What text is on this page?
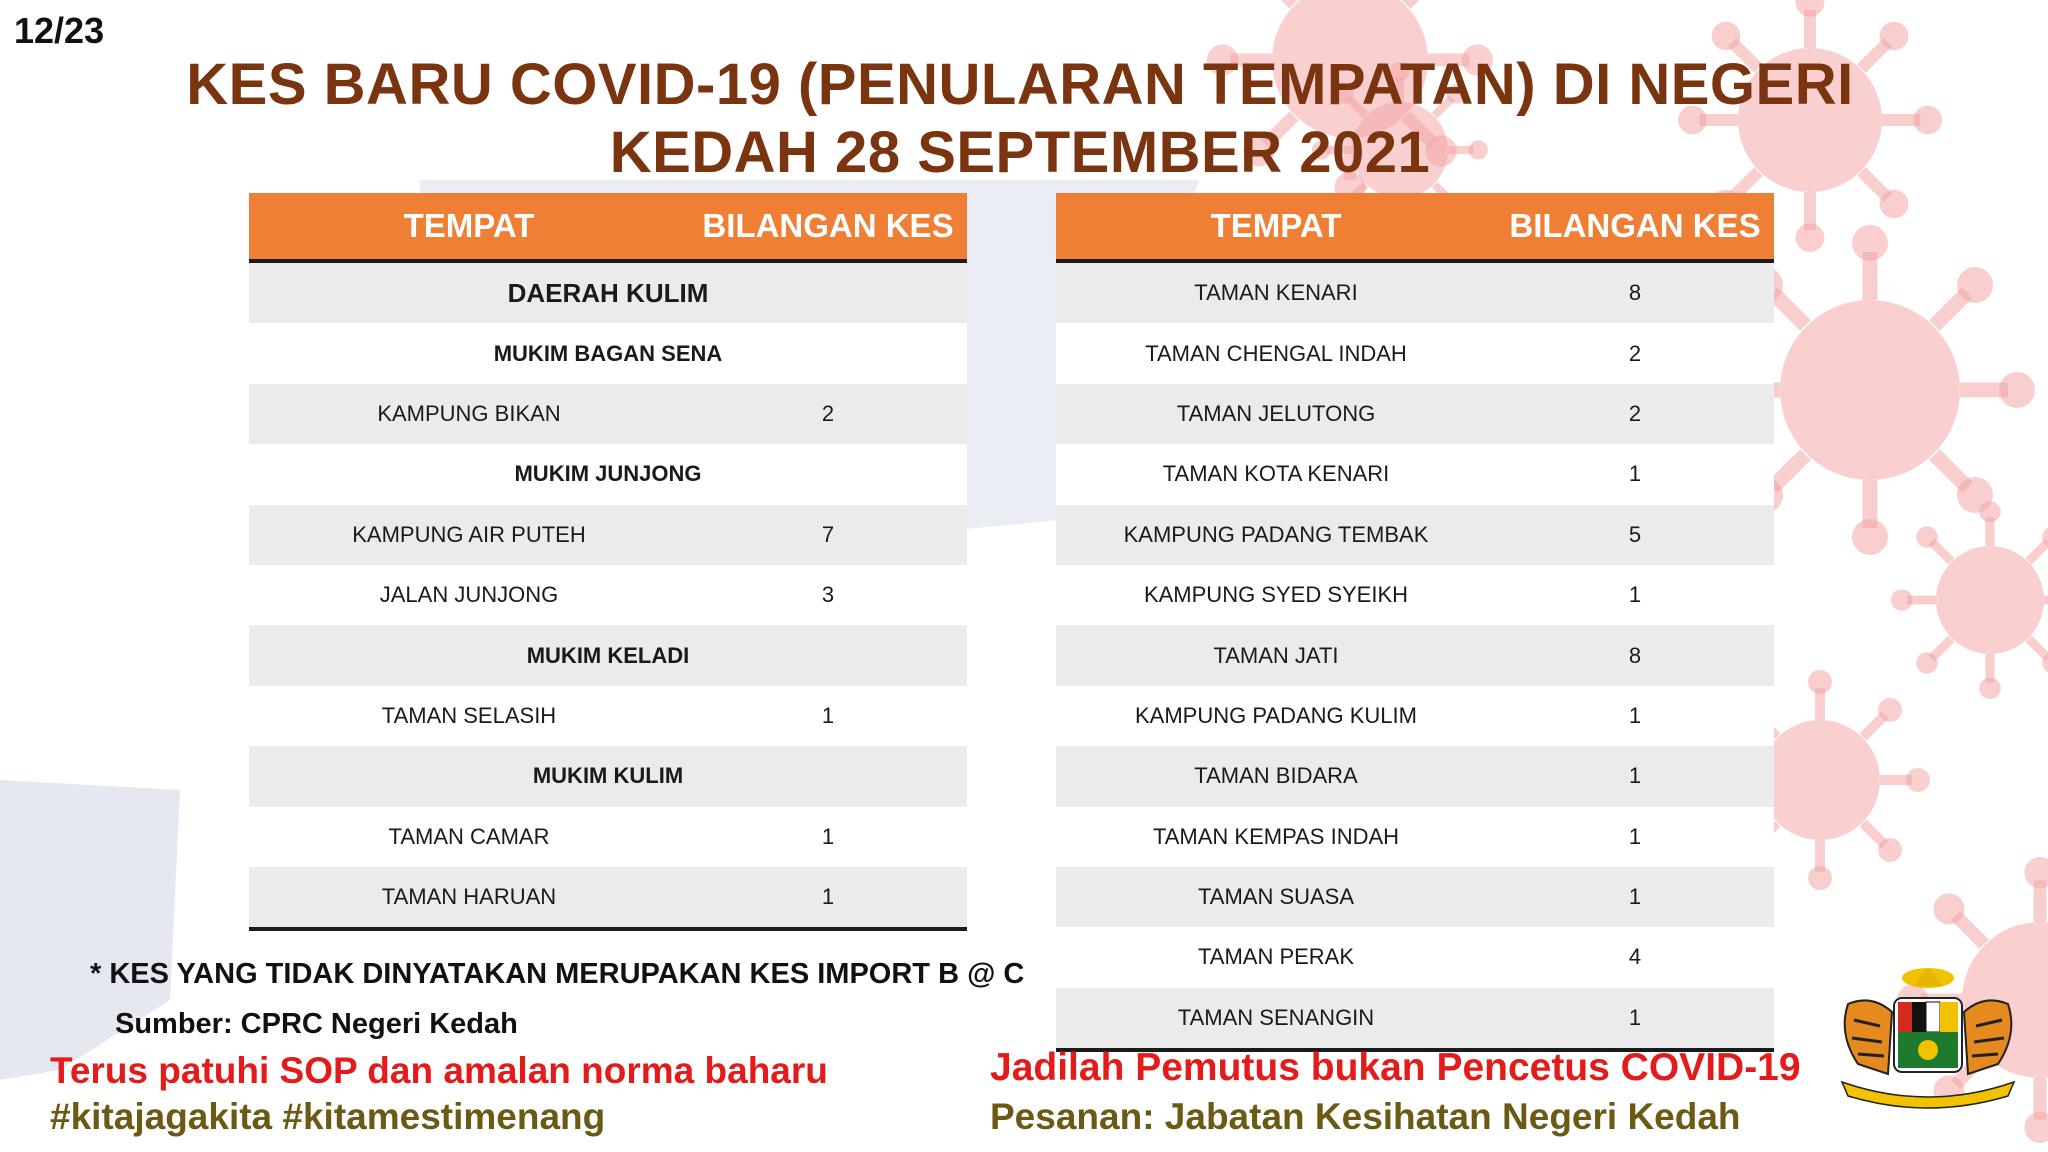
12/23
KES BARU COVID-19 (PENULARAN TEMPATAN) DI NEGERI
KEDAH 28 SEPTEMBER 2021
TEMPAT	BILANGAN KES
DAERAH KULIM
MUKIM BAGAN SENA
KAMPUNG BIKAN	2
MUKIM JUNJONG
KAMPUNG AIR PUTEH	7
JALAN JUNJONG	3
MUKIM KELADI
TAMAN SELASIH	1
MUKIM KULIM
TAMAN CAMAR	1
TAMAN HARUAN	1
TEMPAT	BILANGAN KES
TAMAN KENARI	8
TAMAN CHENGAL INDAH	2
TAMAN JELUTONG	2
TAMAN KOTA KENARI	1
KAMPUNG PADANG TEMBAK	5
KAMPUNG SYED SYEIKH	1
TAMAN JATI	8
KAMPUNG PADANG KULIM	1
TAMAN BIDARA	1
TAMAN KEMPAS INDAH	1
TAMAN SUASA	1
TAMAN PERAK	4
TAMAN SENANGIN	1
* KES YANG TIDAK DINYATAKAN MERUPAKAN KES IMPORT B @ C
Sumber: CPRC Negeri Kedah
Terus patuhi SOP dan amalan norma baharu
#kitajagakita #kitamestimenang
Jadilah Pemutus bukan Pencetus COVID-19
Pesanan: Jabatan Kesihatan Negeri Kedah
